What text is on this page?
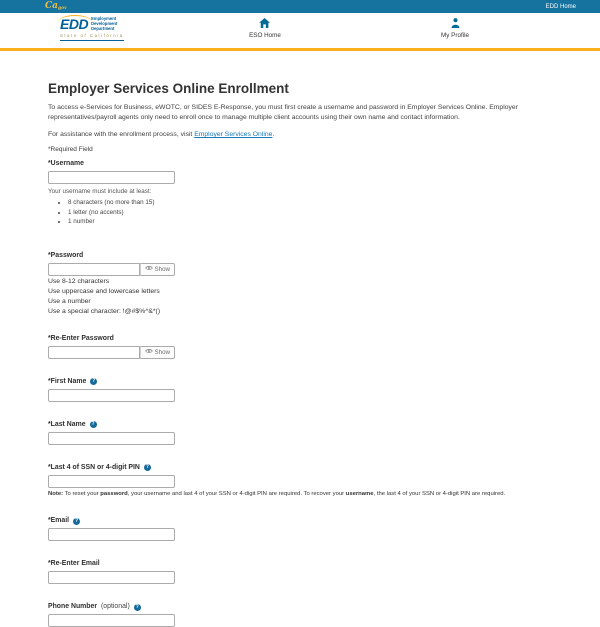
Cagov	EDD Home
EDD Employment
Development
Department
State of California	ESO Home	My Profile
Employer Services Online Enrollment

To access e-Services for Business, eWOTC, or SIDES E-Response, you must first create a username and password in Employer Services Online. Employer representatives/payroll agents only need to enroll once to manage multiple client accounts using their own name and contact information.

For assistance with the enrollment process, visit Employer Services Online.

*Required Field

*Username
Your username must include at least:
• 8 characters (no more than 15)
• 1 letter (no accents)
• 1 number
*Password
Show
Use 8-12 characters
Use uppercase and lowercase letters
Use a number
Use a special character: !@#$%^&*()
*Re-Enter Password
Show
*First Name	?
*Last Name	?
*Last 4 of SSN or 4-digit PIN	?
Note: To reset your password, your username and last 4 of your SSN or 4-digit PIN are required. To recover your username, the last 4 of your SSN or 4-digit PIN are required.
*Email	?
*Re-Enter Email
Phone Number (optional)	?
